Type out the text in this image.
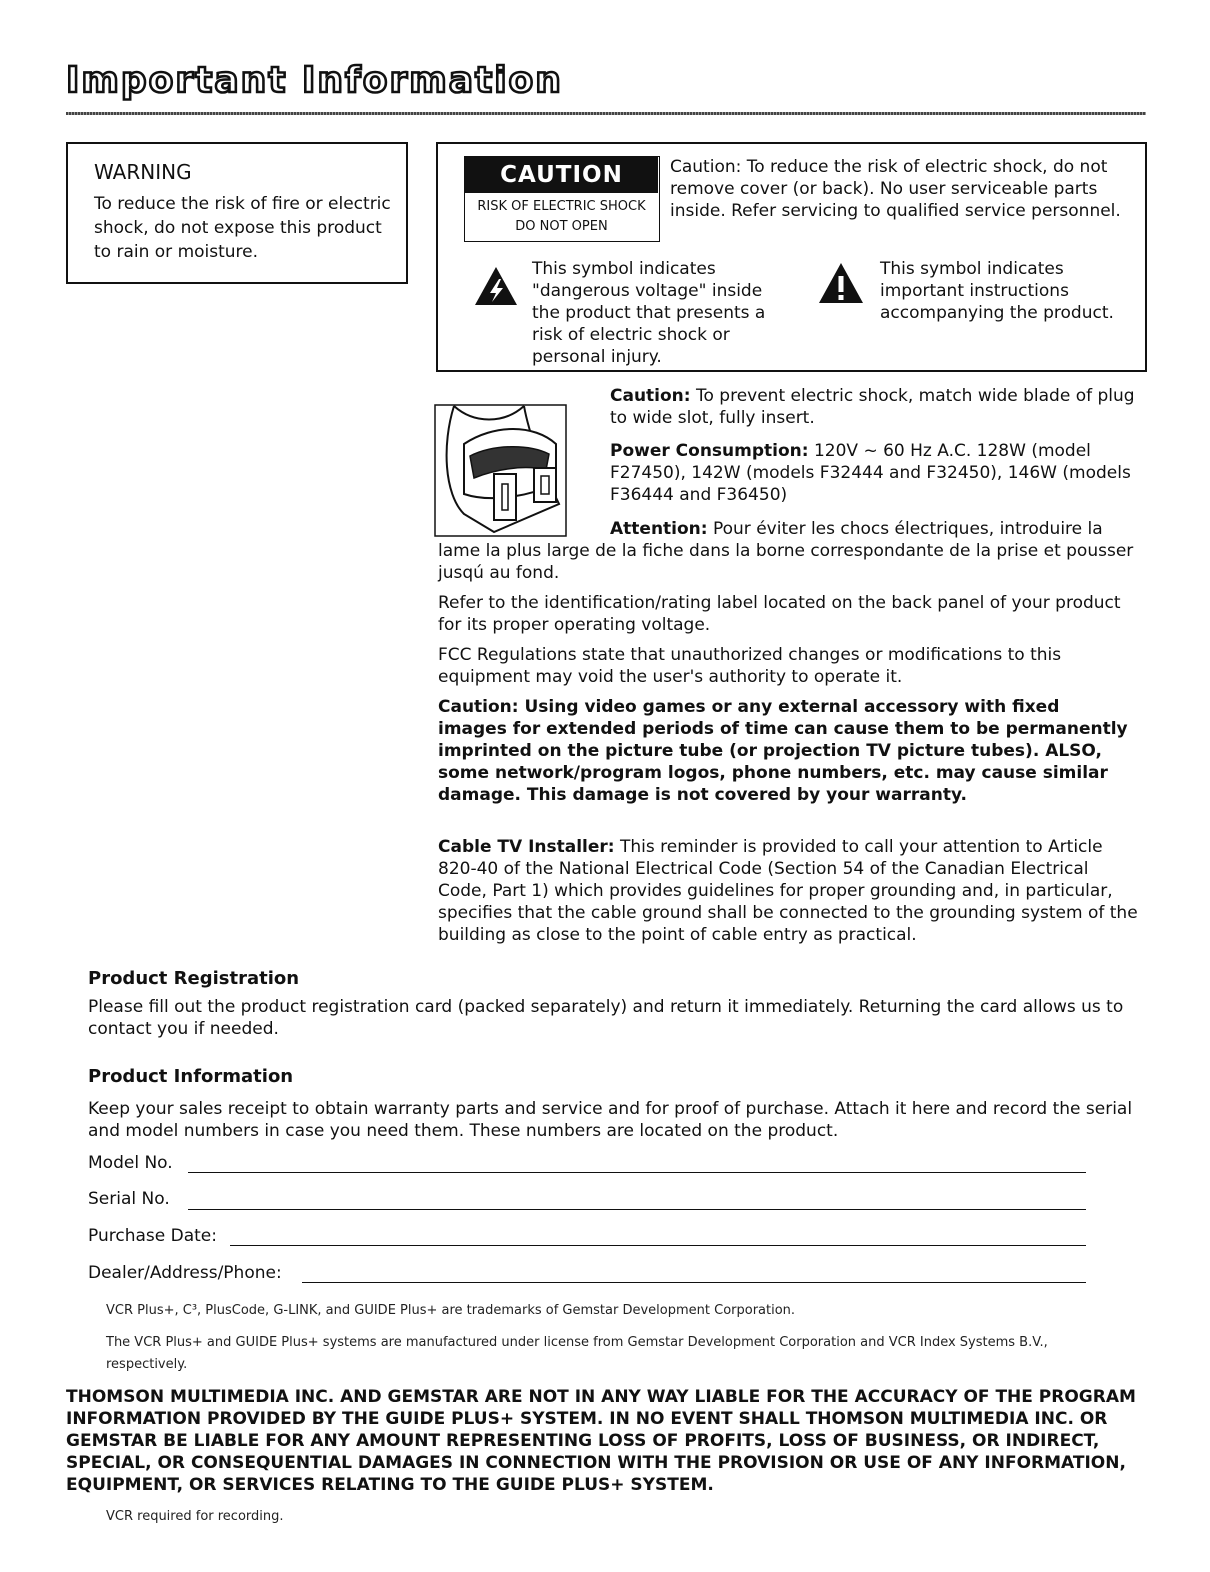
Important Information
WARNING
To reduce the risk of fire or electric shock, do not expose this product to rain or moisture.
CAUTION
RISK OF ELECTRIC SHOCK
DO NOT OPEN
Caution: To reduce the risk of electric shock, do not remove cover (or back). No user serviceable parts inside. Refer servicing to qualified service personnel.
This symbol indicates "dangerous voltage" inside the product that presents a risk of electric shock or personal injury.
This symbol indicates important instructions accompanying the product.
Caution: To prevent electric shock, match wide blade of plug to wide slot, fully insert.
Power Consumption: 120V ~ 60 Hz A.C. 128W (model F27450), 142W (models F32444 and F32450), 146W (models F36444 and F36450)
Attention: Pour éviter les chocs électriques, introduire la lame la plus large de la fiche dans la borne correspondante de la prise et pousser jusqú au fond.
Refer to the identification/rating label located on the back panel of your product for its proper operating voltage.
FCC Regulations state that unauthorized changes or modifications to this equipment may void the user's authority to operate it.
Caution: Using video games or any external accessory with fixed images for extended periods of time can cause them to be permanently imprinted on the picture tube (or projection TV picture tubes). ALSO, some network/program logos, phone numbers, etc. may cause similar damage. This damage is not covered by your warranty.
Cable TV Installer: This reminder is provided to call your attention to Article 820-40 of the National Electrical Code (Section 54 of the Canadian Electrical Code, Part 1) which provides guidelines for proper grounding and, in particular, specifies that the cable ground shall be connected to the grounding system of the building as close to the point of cable entry as practical.
Product Registration
Please fill out the product registration card (packed separately) and return it immediately. Returning the card allows us to contact you if needed.
Product Information
Keep your sales receipt to obtain warranty parts and service and for proof of purchase. Attach it here and record the serial and model numbers in case you need them. These numbers are located on the product.
Model No.
Serial No.
Purchase Date:
Dealer/Address/Phone:
VCR Plus+, C³, PlusCode, G-LINK, and GUIDE Plus+ are trademarks of Gemstar Development Corporation.
The VCR Plus+ and GUIDE Plus+ systems are manufactured under license from Gemstar Development Corporation and VCR Index Systems B.V., respectively.
THOMSON MULTIMEDIA INC. AND GEMSTAR ARE NOT IN ANY WAY LIABLE FOR THE ACCURACY OF THE PROGRAM INFORMATION PROVIDED BY THE GUIDE PLUS+ SYSTEM. IN NO EVENT SHALL THOMSON MULTIMEDIA INC. OR GEMSTAR BE LIABLE FOR ANY AMOUNT REPRESENTING LOSS OF PROFITS, LOSS OF BUSINESS, OR INDIRECT, SPECIAL, OR CONSEQUENTIAL DAMAGES IN CONNECTION WITH THE PROVISION OR USE OF ANY INFORMATION, EQUIPMENT, OR SERVICES RELATING TO THE GUIDE PLUS+ SYSTEM.
VCR required for recording.
